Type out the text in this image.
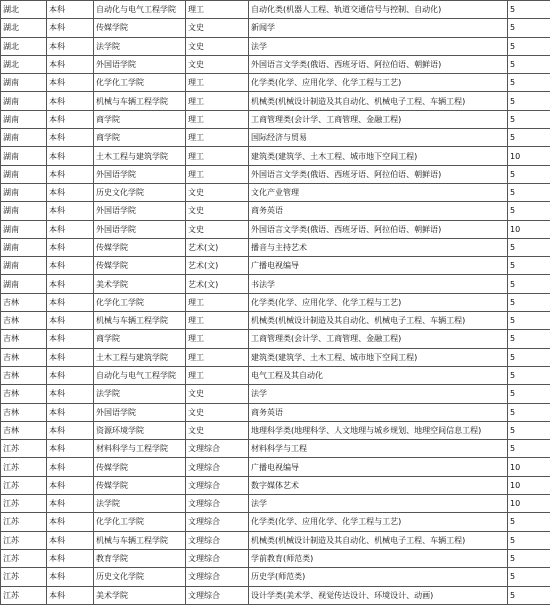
湖北	本科	自动化与电气工程学院	理工	自动化类(机器人工程、轨道交通信号与控制、自动化)	5
湖北	本科	传媒学院	文史	新闻学	5
湖北	本科	法学院	文史	法学	5
湖北	本科	外国语学院	文史	外国语言文学类(俄语、西班牙语、阿拉伯语、朝鲜语)	5
湖南	本科	化学化工学院	理工	化学类(化学、应用化学、化学工程与工艺)	5
湖南	本科	机械与车辆工程学院	理工	机械类(机械设计制造及其自动化、机械电子工程、车辆工程)	5
湖南	本科	商学院	理工	工商管理类(会计学、工商管理、金融工程)	5
湖南	本科	商学院	理工	国际经济与贸易	5
湖南	本科	土木工程与建筑学院	理工	建筑类(建筑学、土木工程、城市地下空间工程)	10
湖南	本科	外国语学院	理工	外国语言文学类(俄语、西班牙语、阿拉伯语、朝鲜语)	5
湖南	本科	历史文化学院	文史	文化产业管理	5
湖南	本科	外国语学院	文史	商务英语	5
湖南	本科	外国语学院	文史	外国语言文学类(俄语、西班牙语、阿拉伯语、朝鲜语)	10
湖南	本科	传媒学院	艺术(文)	播音与主持艺术	5
湖南	本科	传媒学院	艺术(文)	广播电视编导	5
湖南	本科	美术学院	艺术(文)	书法学	5
吉林	本科	化学化工学院	理工	化学类(化学、应用化学、化学工程与工艺)	5
吉林	本科	机械与车辆工程学院	理工	机械类(机械设计制造及其自动化、机械电子工程、车辆工程)	5
吉林	本科	商学院	理工	工商管理类(会计学、工商管理、金融工程)	5
吉林	本科	土木工程与建筑学院	理工	建筑类(建筑学、土木工程、城市地下空间工程)	5
吉林	本科	自动化与电气工程学院	理工	电气工程及其自动化	5
吉林	本科	法学院	文史	法学	5
吉林	本科	外国语学院	文史	商务英语	5
吉林	本科	资源环境学院	文史	地理科学类(地理科学、人文地理与城乡规划、地理空间信息工程)	5
江苏	本科	材料科学与工程学院	文理综合	材料科学与工程	5
江苏	本科	传媒学院	文理综合	广播电视编导	10
江苏	本科	传媒学院	文理综合	数字媒体艺术	10
江苏	本科	法学院	文理综合	法学	10
江苏	本科	化学化工学院	文理综合	化学类(化学、应用化学、化学工程与工艺)	5
江苏	本科	机械与车辆工程学院	文理综合	机械类(机械设计制造及其自动化、机械电子工程、车辆工程)	5
江苏	本科	教育学院	文理综合	学前教育(师范类)	5
江苏	本科	历史文化学院	文理综合	历史学(师范类)	5
江苏	本科	美术学院	文理综合	设计学类(美术学、视觉传达设计、环境设计、动画)	5
